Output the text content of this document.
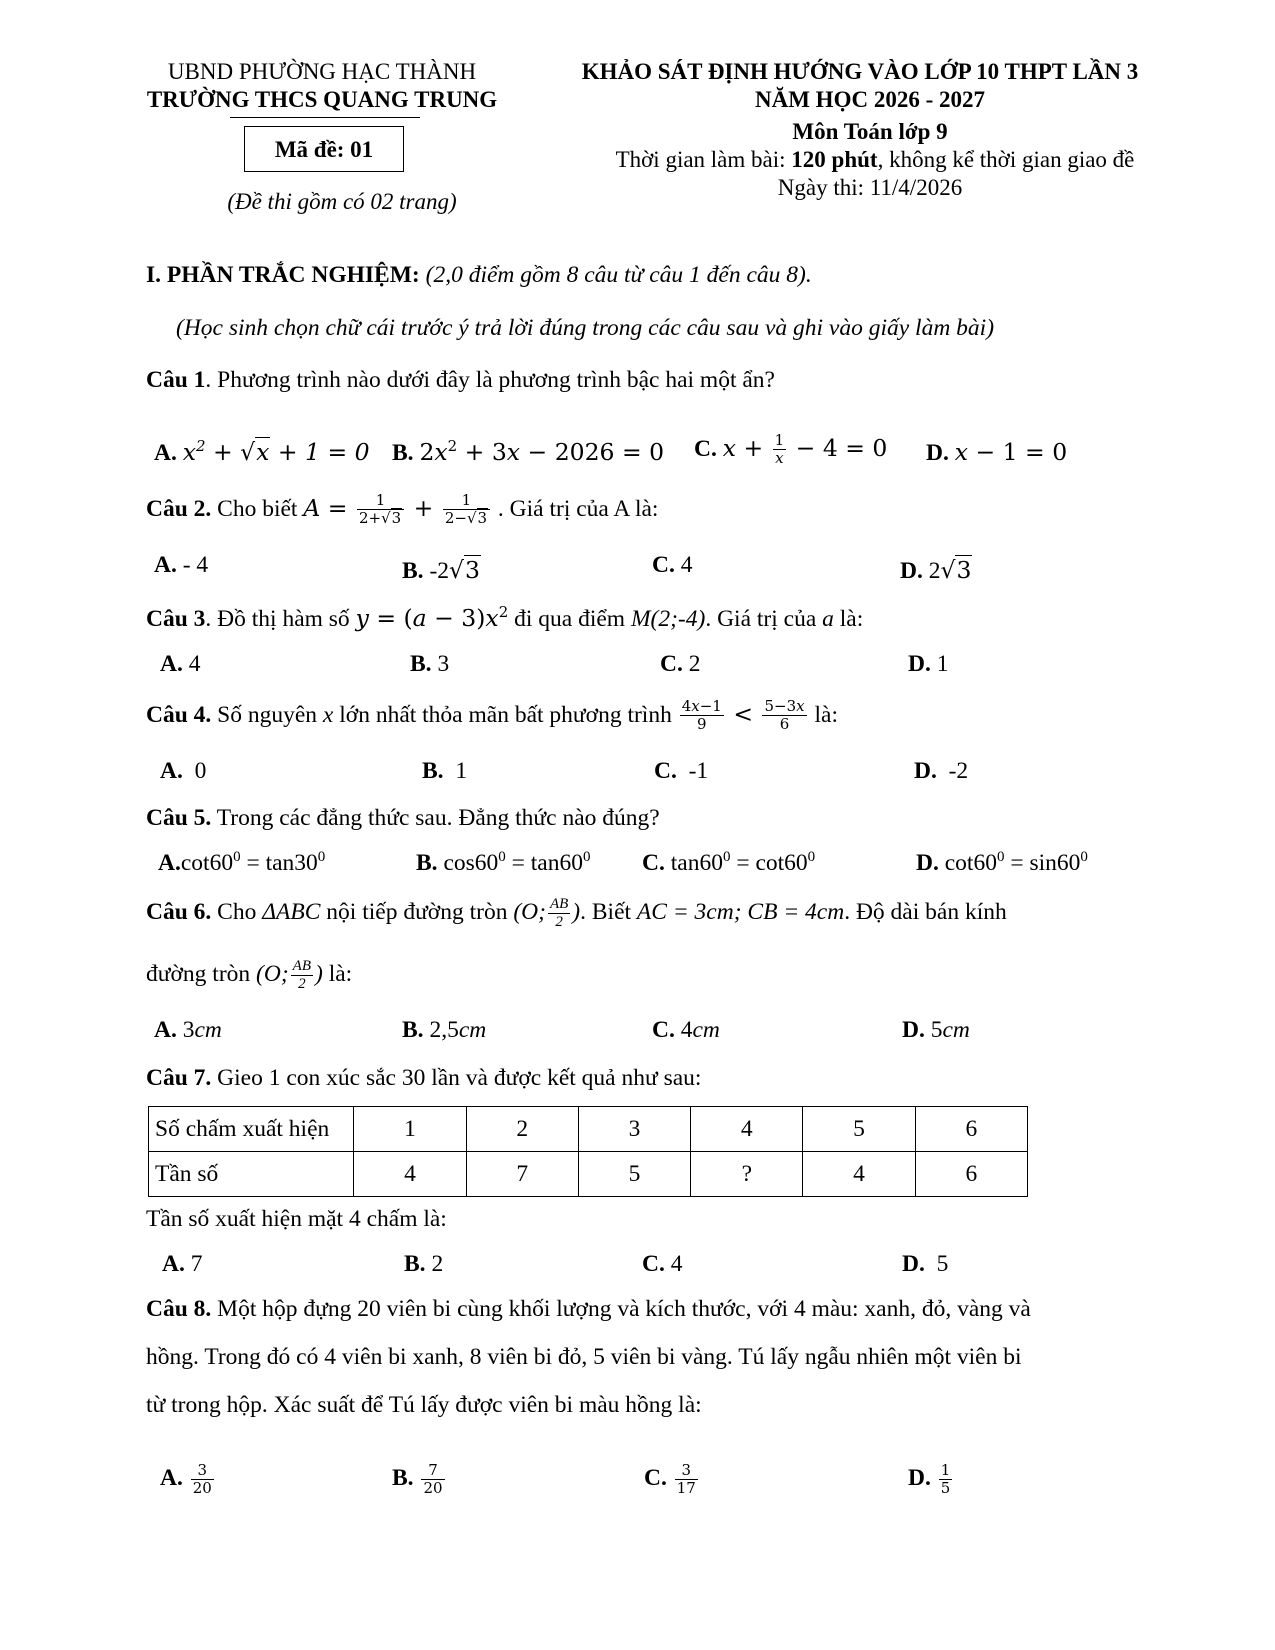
UBND PHƯỜNG HẠC THÀNH
TRƯỜNG THCS QUANG TRUNG
Mã đề: 01
(Đề thi gồm có 02 trang)
KHẢO SÁT ĐỊNH HƯỚNG VÀO LỚP 10 THPT LẦN 3
NĂM HỌC 2026 - 2027
Môn Toán lớp 9
Thời gian làm bài: 120 phút, không kể thời gian giao đề
Ngày thi: 11/4/2026
I. PHẦN TRẮC NGHIỆM: (2,0 điểm gồm 8 câu từ câu 1 đến câu 8).
(Học sinh chọn chữ cái trước ý trả lời đúng trong các câu sau và ghi vào giấy làm bài)
Câu 1. Phương trình nào dưới đây là phương trình bậc hai một ẩn?
A. $x^2 + √x + 1 = 0$ B. $2x^2 + 3x - 2026 = 0$ C. $x + \frac{1}{x} - 4 = 0$ D. x − 1 = 0
Câu 2. Cho biết $A = \frac{1}{2+√3} + \frac{1}{2-√3}$ . Giá trị của A là:
A. - 4	B. -2√3	C. 4	D. 2√3
Câu 3. Đồ thị hàm số $y = (a - 3)x^2$ đi qua điểm M(2;-4). Giá trị của a là:
A. 4	B. 3	C. 2	D. 1
Câu 4. Số nguyên x lớn nhất thỏa mãn bất phương trình $\frac{4x-1}{9} < \frac{5-3x}{6}$ là:
A. 0	B. 1	C. -1	D. -2
Câu 5. Trong các đẳng thức sau. Đẳng thức nào đúng?
$A.\cot 60^0 = \tan 30^0$	B. $\cos 60^0 = \tan 60^0$ C. $\tan 60^0 = \cot 60^0$	D. $\cot 60^0 = \sin 60^0$
Câu 6. Cho ΔABC nội tiếp đường tròn (O; $\frac{AB}{2}$ ). Biết AC = 3cm; CB = 4cm. Độ dài bán kính
đường tròn (O; $\frac{AB}{2}$ ) là:
A. 3cm	B. 2,5cm	C. 4cm	D. 5cm
Câu 7. Gieo 1 con xúc sắc 30 lần và được kết quả như sau:
Số chấm xuất hiện	1	2	3	4	5	6
Tần số	4	7	5	?	4	6
Tần số xuất hiện mặt 4 chấm là:
A. 7	B. 2	C. 4	D. 5
Câu 8. Một hộp đựng 20 viên bi cùng khối lượng và kích thước, với 4 màu: xanh, đỏ, vàng và
hồng. Trong đó có 4 viên bi xanh, 8 viên bi đỏ, 5 viên bi vàng. Tú lấy ngẫu nhiên một viên bi
từ trong hộp. Xác suất để Tú lấy được viên bi màu hồng là:
A. $\frac{3}{20}$	B. $\frac{7}{20}$	C. $\frac{3}{17}$	D. $\frac{1}{5}$
